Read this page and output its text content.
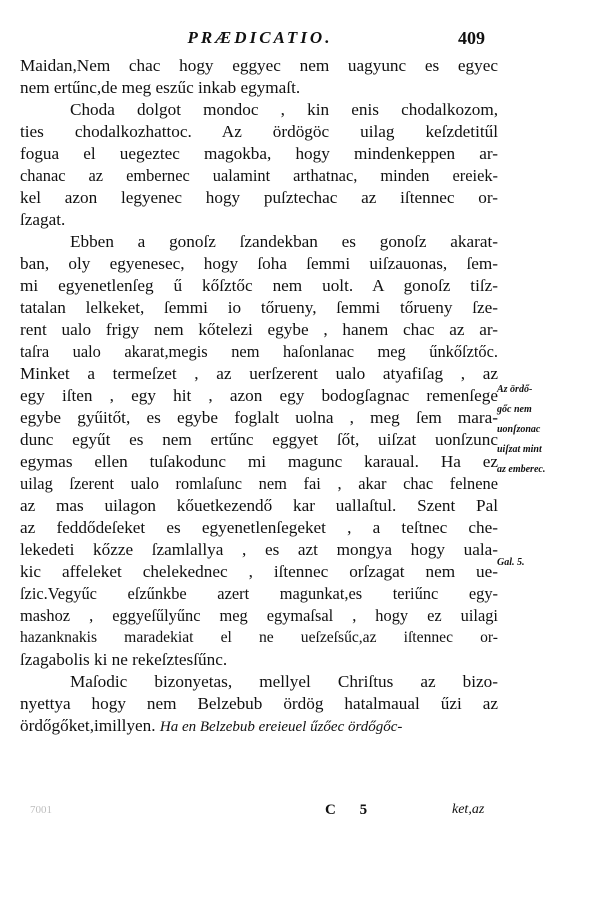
PRÆDICATIO.	409
Maidan,Nem chac hogy eggyec nem uagyunc es egyec
nem ertűnc,de meg eszűc inkab egymaſt.
Choda dolgot mondoc , kin enis chodalkozom,
ties chodalkozhattoc. Az ördögöc uilag keſzdetitűl
fogua el uegeztec magokba, hogy mindenkeppen ar-
chanac az embernec ualamint arthatnac, minden ereiek-
kel azon legyenec hogy puſztechac az iſtennec or-
ſzagat.
Ebben a gonoſz ſzandekban es gonoſz akarat-
ban, oly egyenesec, hogy ſoha ſemmi uiſzauonas, ſem-
mi egyenetlenſeg ű kőſztőc nem uolt. A gonoſz tiſz-
tatalan lelkeket, ſemmi io tőrueny, ſemmi tőrueny ſze-
rent ualo frigy nem kőtelezi egybe , hanem chac az ar-
taſra ualo akarat,megis nem haſonlanac meg űnkőſztőc.
Minket a termeſzet , az uerſzerent ualo atyafiſag , az
egy iſten , egy hit , azon egy bodogſagnac remenſege
egybe gyűitőt, es egybe foglalt uolna , meg ſem mara-
dunc egyűt es nem ertűnc eggyet ſőt, uiſzat uonſzunc
egymas ellen tuſakodunc mi magunc karaual. Ha ez
uilag ſzerent ualo romlaſunc nem fai , akar chac felnene
az mas uilagon kőuetkezendő kar uallaſtul. Szent Pal
az feddődeſeket es egyenetlenſegeket , a teſtnec che-
lekedeti kőzze ſzamlallya , es azt mongya hogy uala-
kic affeleket chelekednec , iſtennec orſzagat nem ue-
ſzic.Vegyűc eſzűnkbe azert magunkat,es teriűnc egy-
mashoz , eggyeſűlyűnc meg egymaſsal , hogy ez uilagi
hazanknakis maradekiat el ne ueſzeſsűc,az iſtennec or-
ſzagabolis ki ne rekeſztesſűnc.
Maſodic bizonyetas, mellyel Chriſtus az bizo-
nyettya hogy nem Belzebub ördög hatalmaual űzi az
ördőgőket,imillyen. Ha en Belzebub ereieuel űzőec ördőgőc-
Az ördő-
gőc nem
uonſzonac
uiſzat mint
az emberec.
Gal. 5.
7001	C 5	ket,az
